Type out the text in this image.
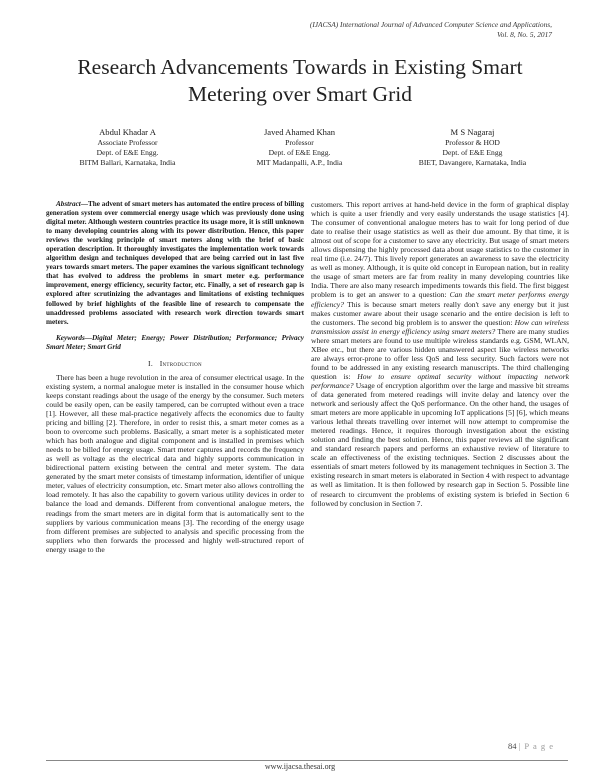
(IJACSA) International Journal of Advanced Computer Science and Applications,
Vol. 8, No. 5, 2017
Research Advancements Towards in Existing Smart
Metering over Smart Grid
Abdul Khadar A
Associate Professor
Dept. of E&E Engg.
BITM Ballari, Karnataka, India
Javed Ahamed Khan
Professor
Dept. of E&E Engg.
MIT Madanpalli, A.P., India
M S Nagaraj
Professor & HOD
Dept. of E&E Engg
BIET, Davangere, Karnataka, India

Abstract—The advent of smart meters has automated the entire process of billing generation system over commercial energy usage which was previously done using digital meter. Although western countries practice its usage more, it is still unknown to many developing countries along with its power distribution. Hence, this paper reviews the working principle of smart meters along with the brief of basic operation description. It thoroughly investigates the implementation work towards algorithm design and techniques developed that are being carried out in last five years towards smart meters. The paper examines the various significant technology that has evolved to address the problems in smart meter e.g. performance improvement, energy efficiency, security factor, etc. Finally, a set of research gap is explored after scrutinizing the advantages and limitations of existing techniques followed by brief highlights of the feasible line of research to compensate the unaddressed problems associated with research work direction towards smart meters.

Keywords—Digital Meter; Energy; Power Distribution; Performance; Privacy Smart Meter; Smart Grid

I. Introduction

There has been a huge revolution in the area of consumer electrical usage. In the existing system, a normal analogue meter is installed in the consumer house which keeps constant readings about the usage of the energy by the consumer. Such meters could be easily open, can be easily tampered, can be corrupted without even a trace [1]. However, all these mal-practice negatively affects the economics due to faulty pricing and billing [2]. Therefore, in order to resist this, a smart meter comes as a boon to overcome such problems. Basically, a smart meter is a sophisticated meter which has both analogue and digital component and is installed in premises which needs to be billed for energy usage. Smart meter captures and records the frequency as well as voltage as the electrical data and highly supports communication in bidirectional pattern existing between the central and meter system. The data generated by the smart meter consists of timestamp information, identifier of unique meter, values of electricity consumption, etc. Smart meter also allows controlling the load remotely. It has also the capability to govern various utility devices in order to balance the load and demands. Different from conventional analogue meters, the readings from the smart meters are in digital form that is automatically sent to the suppliers by various communication means [3]. The recording of the energy usage from different premises are subjected to analysis and specific processing from the suppliers who then forwards the processed and highly well-structured report of energy usage to the

customers. This report arrives at hand-held device in the form of graphical display which is quite a user friendly and very easily understands the usage statistics [4]. The consumer of conventional analogue meters has to wait for long period of due date to realise their usage statistics as well as their due amount. By that time, it is almost out of scope for a customer to save any electricity. But usage of smart meters allows dispensing the highly processed data about usage statistics to the customer in real time (i.e. 24/7). This lively report generates an awareness to save the electricity as well as money. Although, it is quite old concept in European nation, but in reality the usage of smart meters are far from reality in many developing countries like India. There are also many research impediments towards this field. The first biggest problem is to get an answer to a question: Can the smart meter performs energy efficiency? This is because smart meters really don't save any energy but it just makes customer aware about their usage scenario and the entire decision is left to the customers. The second big problem is to answer the question: How can wireless transmission assist in energy efficiency using smart meters? There are many studies where smart meters are found to use multiple wireless standards e.g. GSM, WLAN, XBee etc., but there are various hidden unanswered aspect like wireless networks are always error-prone to offer less QoS and less security. Such factors were not found to be addressed in any existing research manuscripts. The third challenging question is: How to ensure optimal security without impacting network performance? Usage of encryption algorithm over the large and massive bit streams of data generated from metered readings will invite delay and latency over the network and seriously affect the QoS performance. On the other hand, the usages of smart meters are more applicable in upcoming IoT applications [5] [6], which means various lethal threats travelling over internet will now attempt to compromise the metered readings. Hence, it requires thorough investigation about the existing solution and finding the best solution. Hence, this paper reviews all the significant and standard research papers and performs an exhaustive review of literature to scale an effectiveness of the existing techniques. Section 2 discusses about the essentials of smart meters followed by its management techniques in Section 3. The existing research in smart meters is elaborated in Section 4 with respect to advantage as well as limitation. It is then followed by research gap in Section 5. Possible line of research to circumvent the problems of existing system is briefed in Section 6 followed by conclusion in Section 7.

84 | P a g e
www.ijacsa.thesai.org
